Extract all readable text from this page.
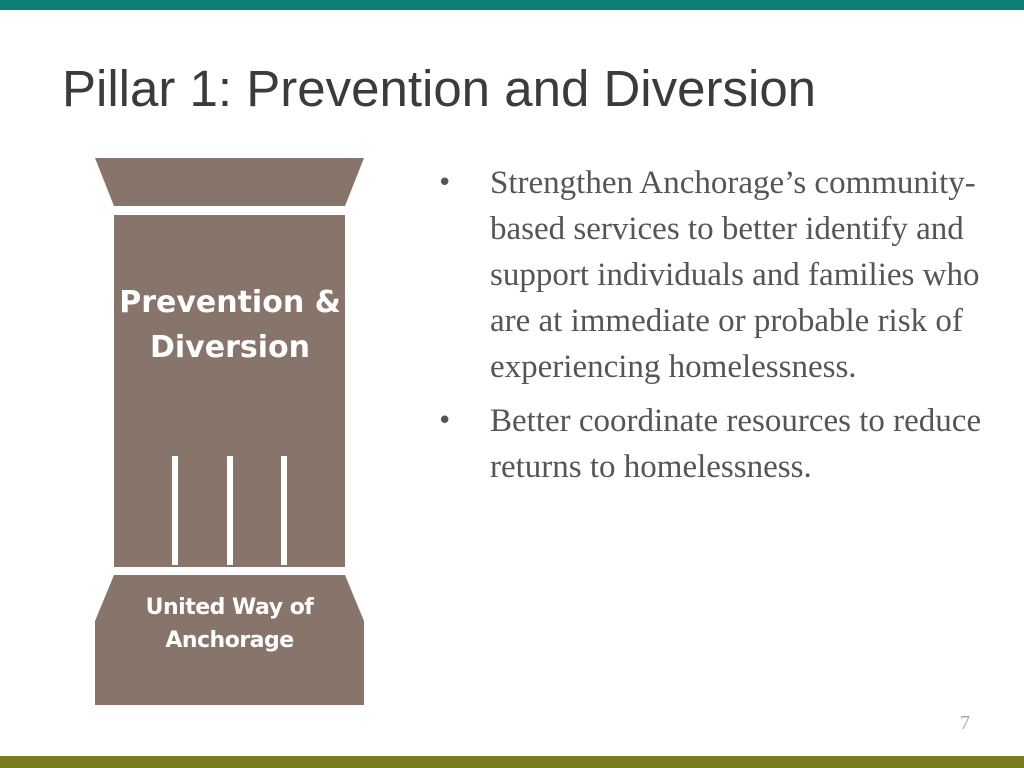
Pillar 1: Prevention and Diversion

Prevention & Diversion

United Way of Anchorage

• Strengthen Anchorage’s community-based services to better identify and support individuals and families who are at immediate or probable risk of experiencing homelessness.
• Better coordinate resources to reduce returns to homelessness.
7
